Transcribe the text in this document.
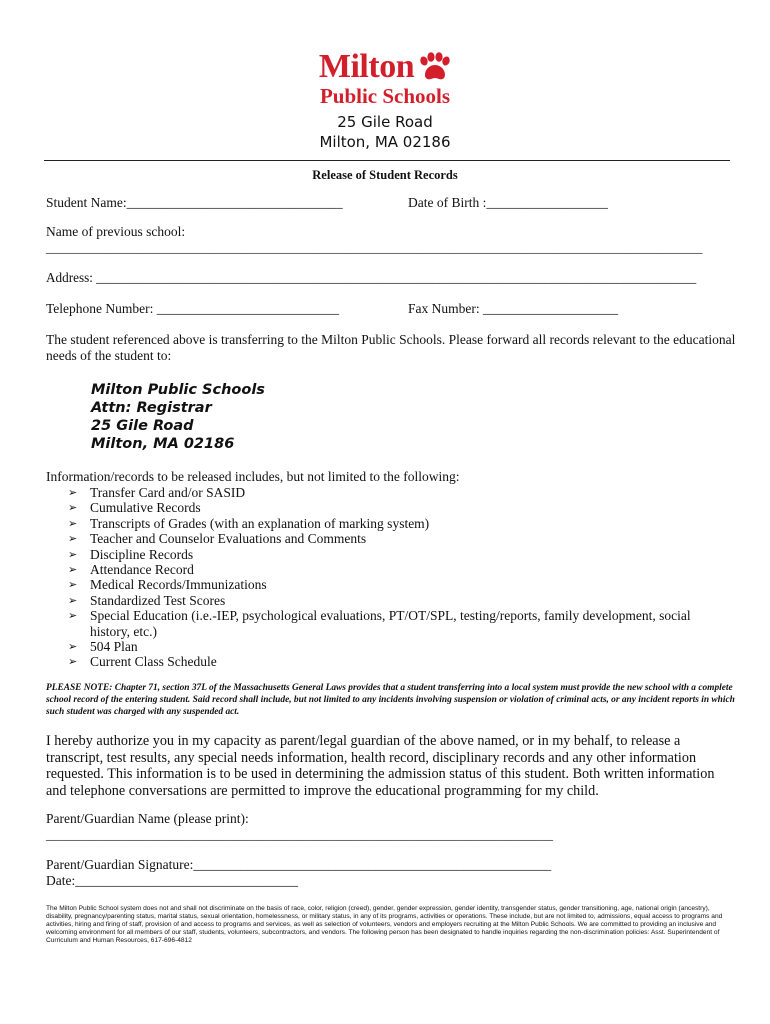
Milton
Public Schools
25 Gile Road
Milton, MA 02186
Release of Student Records
Student Name:________________________________	Date of Birth :__________________
Name of previous school:
_____________________________________________________________________________________________________
Address: ___________________________________________________________________________________________
Telephone Number: ___________________________	Fax Number: ____________________
The student referenced above is transferring to the Milton Public Schools. Please forward all records relevant to the educational needs of the student to:
Milton Public Schools
Attn: Registrar
25 Gile Road
Milton, MA 02186
Information/records to be released includes, but not limited to the following:
➢ Transfer Card and/or SASID
➢ Cumulative Records
➢ Transcripts of Grades (with an explanation of marking system)
➢ Teacher and Counselor Evaluations and Comments
➢ Discipline Records
➢ Attendance Record
➢ Medical Records/Immunizations
➢ Standardized Test Scores
➢ Special Education (i.e.-IEP, psychological evaluations, PT/OT/SPL, testing/reports, family development, social history, etc.)
➢ 504 Plan
➢ Current Class Schedule
PLEASE NOTE: Chapter 71, section 37L of the Massachusetts General Laws provides that a student transferring into a local system must provide the new school with a complete school record of the entering student. Said record shall include, but not limited to any incidents involving suspension or violation of criminal acts, or any incident reports in which such student was charged with any suspended act.
I hereby authorize you in my capacity as parent/legal guardian of the above named, or in my behalf, to release a transcript, test results, any special needs information, health record, disciplinary records and any other information requested. This information is to be used in determining the admission status of this student. Both written information and telephone conversations are permitted to improve the educational programming for my child.
Parent/Guardian Name (please print):
______________________________________________________________________________
Parent/Guardian Signature:_____________________________________________________
Date:_________________________________
The Milton Public School system does not and shall not discriminate on the basis of race, color, religion (creed), gender, gender expression, gender identity, transgender status, gender transitioning, age, national origin (ancestry), disability, pregnancy/parenting status, marital status, sexual orientation, homelessness, or military status, in any of its programs, activities or operations. These include, but are not limited to, admissions, equal access to programs and activities, hiring and firing of staff, provision of and access to programs and services, as well as selection of volunteers, vendors and employers recruiting at the Milton Public Schools. We are committed to providing an inclusive and welcoming environment for all members of our staff, students, volunteers, subcontractors, and vendors. The following person has been designated to handle inquiries regarding the non-discrimination policies: Asst. Superintendent of Curriculum and Human Resources, 617-696-4812
